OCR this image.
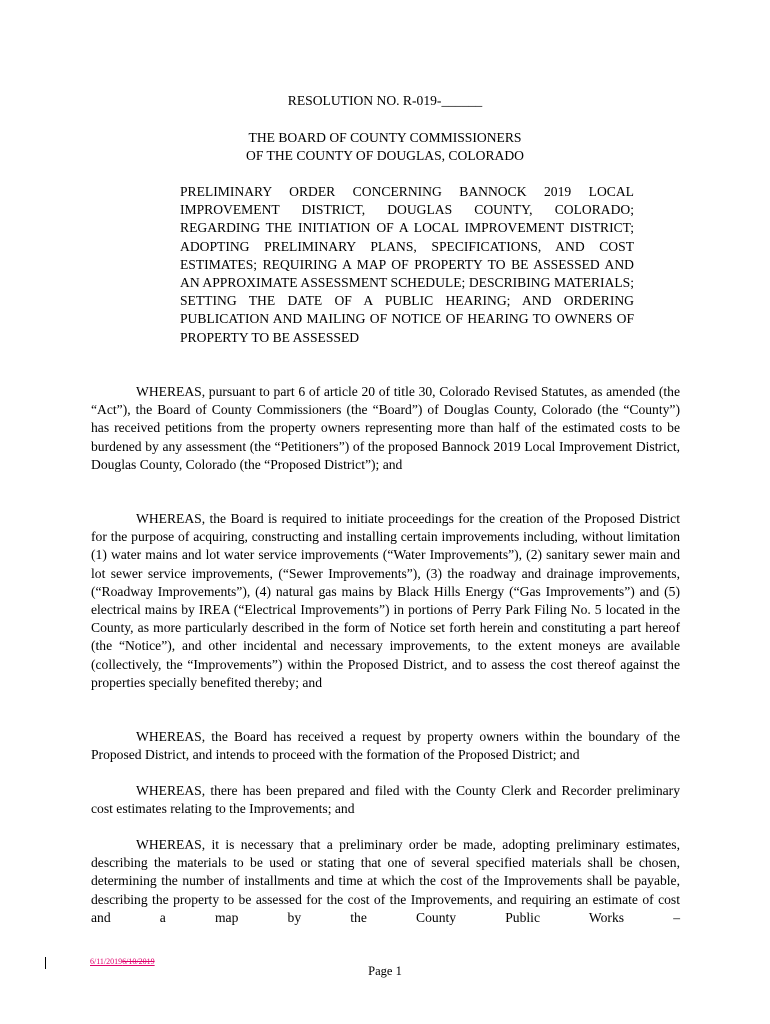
RESOLUTION NO. R-019-______

THE BOARD OF COUNTY COMMISSIONERS
OF THE COUNTY OF DOUGLAS, COLORADO

PRELIMINARY ORDER CONCERNING BANNOCK 2019 LOCAL IMPROVEMENT DISTRICT, DOUGLAS COUNTY, COLORADO; REGARDING THE INITIATION OF A LOCAL IMPROVEMENT DISTRICT; ADOPTING PRELIMINARY PLANS, SPECIFICATIONS, AND COST ESTIMATES; REQUIRING A MAP OF PROPERTY TO BE ASSESSED AND AN APPROXIMATE ASSESSMENT SCHEDULE; DESCRIBING MATERIALS; SETTING THE DATE OF A PUBLIC HEARING; AND ORDERING PUBLICATION AND MAILING OF NOTICE OF HEARING TO OWNERS OF PROPERTY TO BE ASSESSED

WHEREAS, pursuant to part 6 of article 20 of title 30, Colorado Revised Statutes, as amended (the “Act”), the Board of County Commissioners (the “Board”) of Douglas County, Colorado (the “County”) has received petitions from the property owners representing more than half of the estimated costs to be burdened by any assessment (the “Petitioners”) of the proposed Bannock 2019 Local Improvement District, Douglas County, Colorado (the “Proposed District”); and

WHEREAS, the Board is required to initiate proceedings for the creation of the Proposed District for the purpose of acquiring, constructing and installing certain improvements including, without limitation (1) water mains and lot water service improvements (“Water Improvements”), (2) sanitary sewer main and lot sewer service improvements, (“Sewer Improvements”), (3) the roadway and drainage improvements, (“Roadway Improvements”), (4) natural gas mains by Black Hills Energy (“Gas Improvements”) and (5) electrical mains by IREA (“Electrical Improvements”) in portions of Perry Park Filing No. 5 located in the County, as more particularly described in the form of Notice set forth herein and constituting a part hereof (the “Notice”), and other incidental and necessary improvements, to the extent moneys are available (collectively, the “Improvements”) within the Proposed District, and to assess the cost thereof against the properties specially benefited thereby; and

WHEREAS, the Board has received a request by property owners within the boundary of the Proposed District, and intends to proceed with the formation of the Proposed District; and

WHEREAS, there has been prepared and filed with the County Clerk and Recorder preliminary cost estimates relating to the Improvements; and

WHEREAS, it is necessary that a preliminary order be made, adopting preliminary estimates, describing the materials to be used or stating that one of several specified materials shall be chosen, determining the number of installments and time at which the cost of the Improvements shall be payable, describing the property to be assessed for the cost of the Improvements, and requiring an estimate of cost and a map by the County Public Works –

6/11/20196/10/2019

Page 1
